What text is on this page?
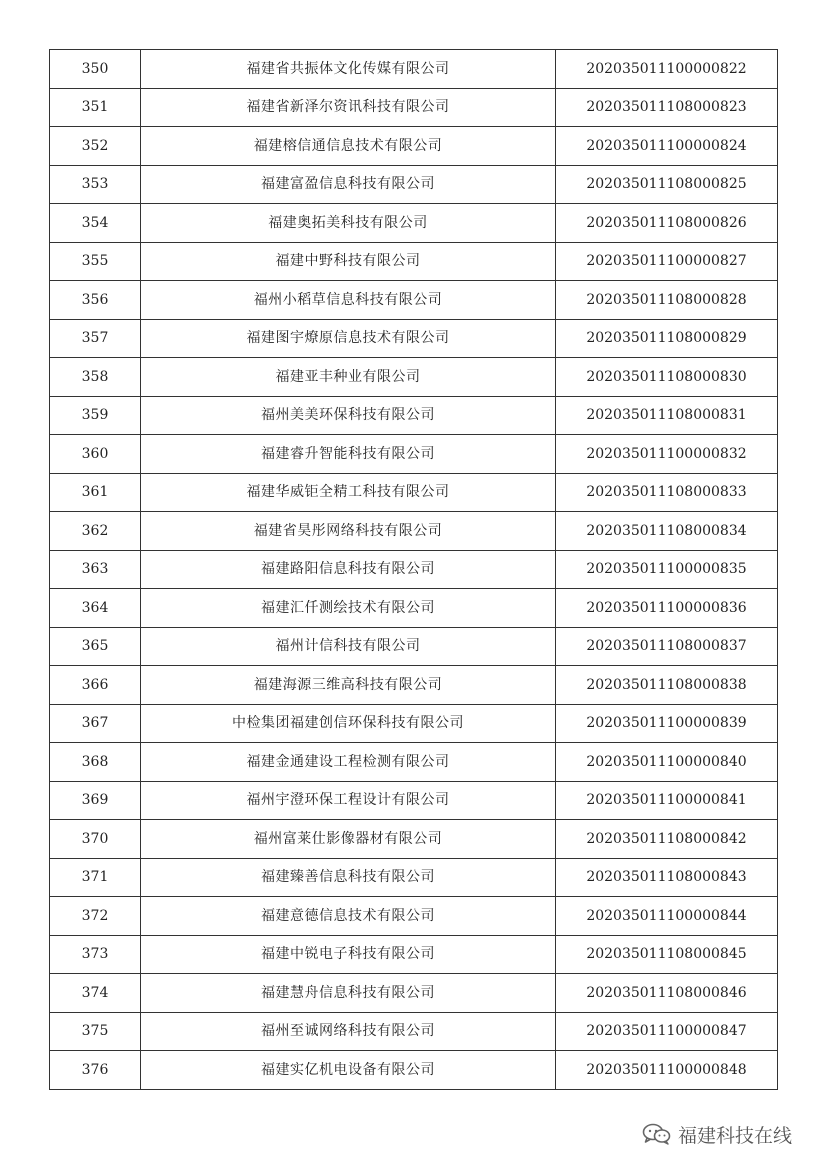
350	福建省共振体文化传媒有限公司	202035011100000822
351	福建省新泽尔资讯科技有限公司	202035011108000823
352	福建榕信通信息技术有限公司	202035011100000824
353	福建富盈信息科技有限公司	202035011108000825
354	福建奥拓美科技有限公司	202035011108000826
355	福建中野科技有限公司	202035011100000827
356	福州小稻草信息科技有限公司	202035011108000828
357	福建图宇燎原信息技术有限公司	202035011108000829
358	福建亚丰种业有限公司	202035011108000830
359	福州美美环保科技有限公司	202035011108000831
360	福建睿升智能科技有限公司	202035011100000832
361	福建华威钜全精工科技有限公司	202035011108000833
362	福建省昊彤网络科技有限公司	202035011108000834
363	福建路阳信息科技有限公司	202035011100000835
364	福建汇仟测绘技术有限公司	202035011100000836
365	福州计信科技有限公司	202035011108000837
366	福建海源三维高科技有限公司	202035011108000838
367	中检集团福建创信环保科技有限公司	202035011100000839
368	福建金通建设工程检测有限公司	202035011100000840
369	福州宇澄环保工程设计有限公司	202035011100000841
370	福州富莱仕影像器材有限公司	202035011108000842
371	福建臻善信息科技有限公司	202035011108000843
372	福建意德信息技术有限公司	202035011100000844
373	福建中锐电子科技有限公司	202035011108000845
374	福建慧舟信息科技有限公司	202035011108000846
375	福州至诚网络科技有限公司	202035011100000847
376	福建实亿机电设备有限公司	202035011100000848
福建科技在线
